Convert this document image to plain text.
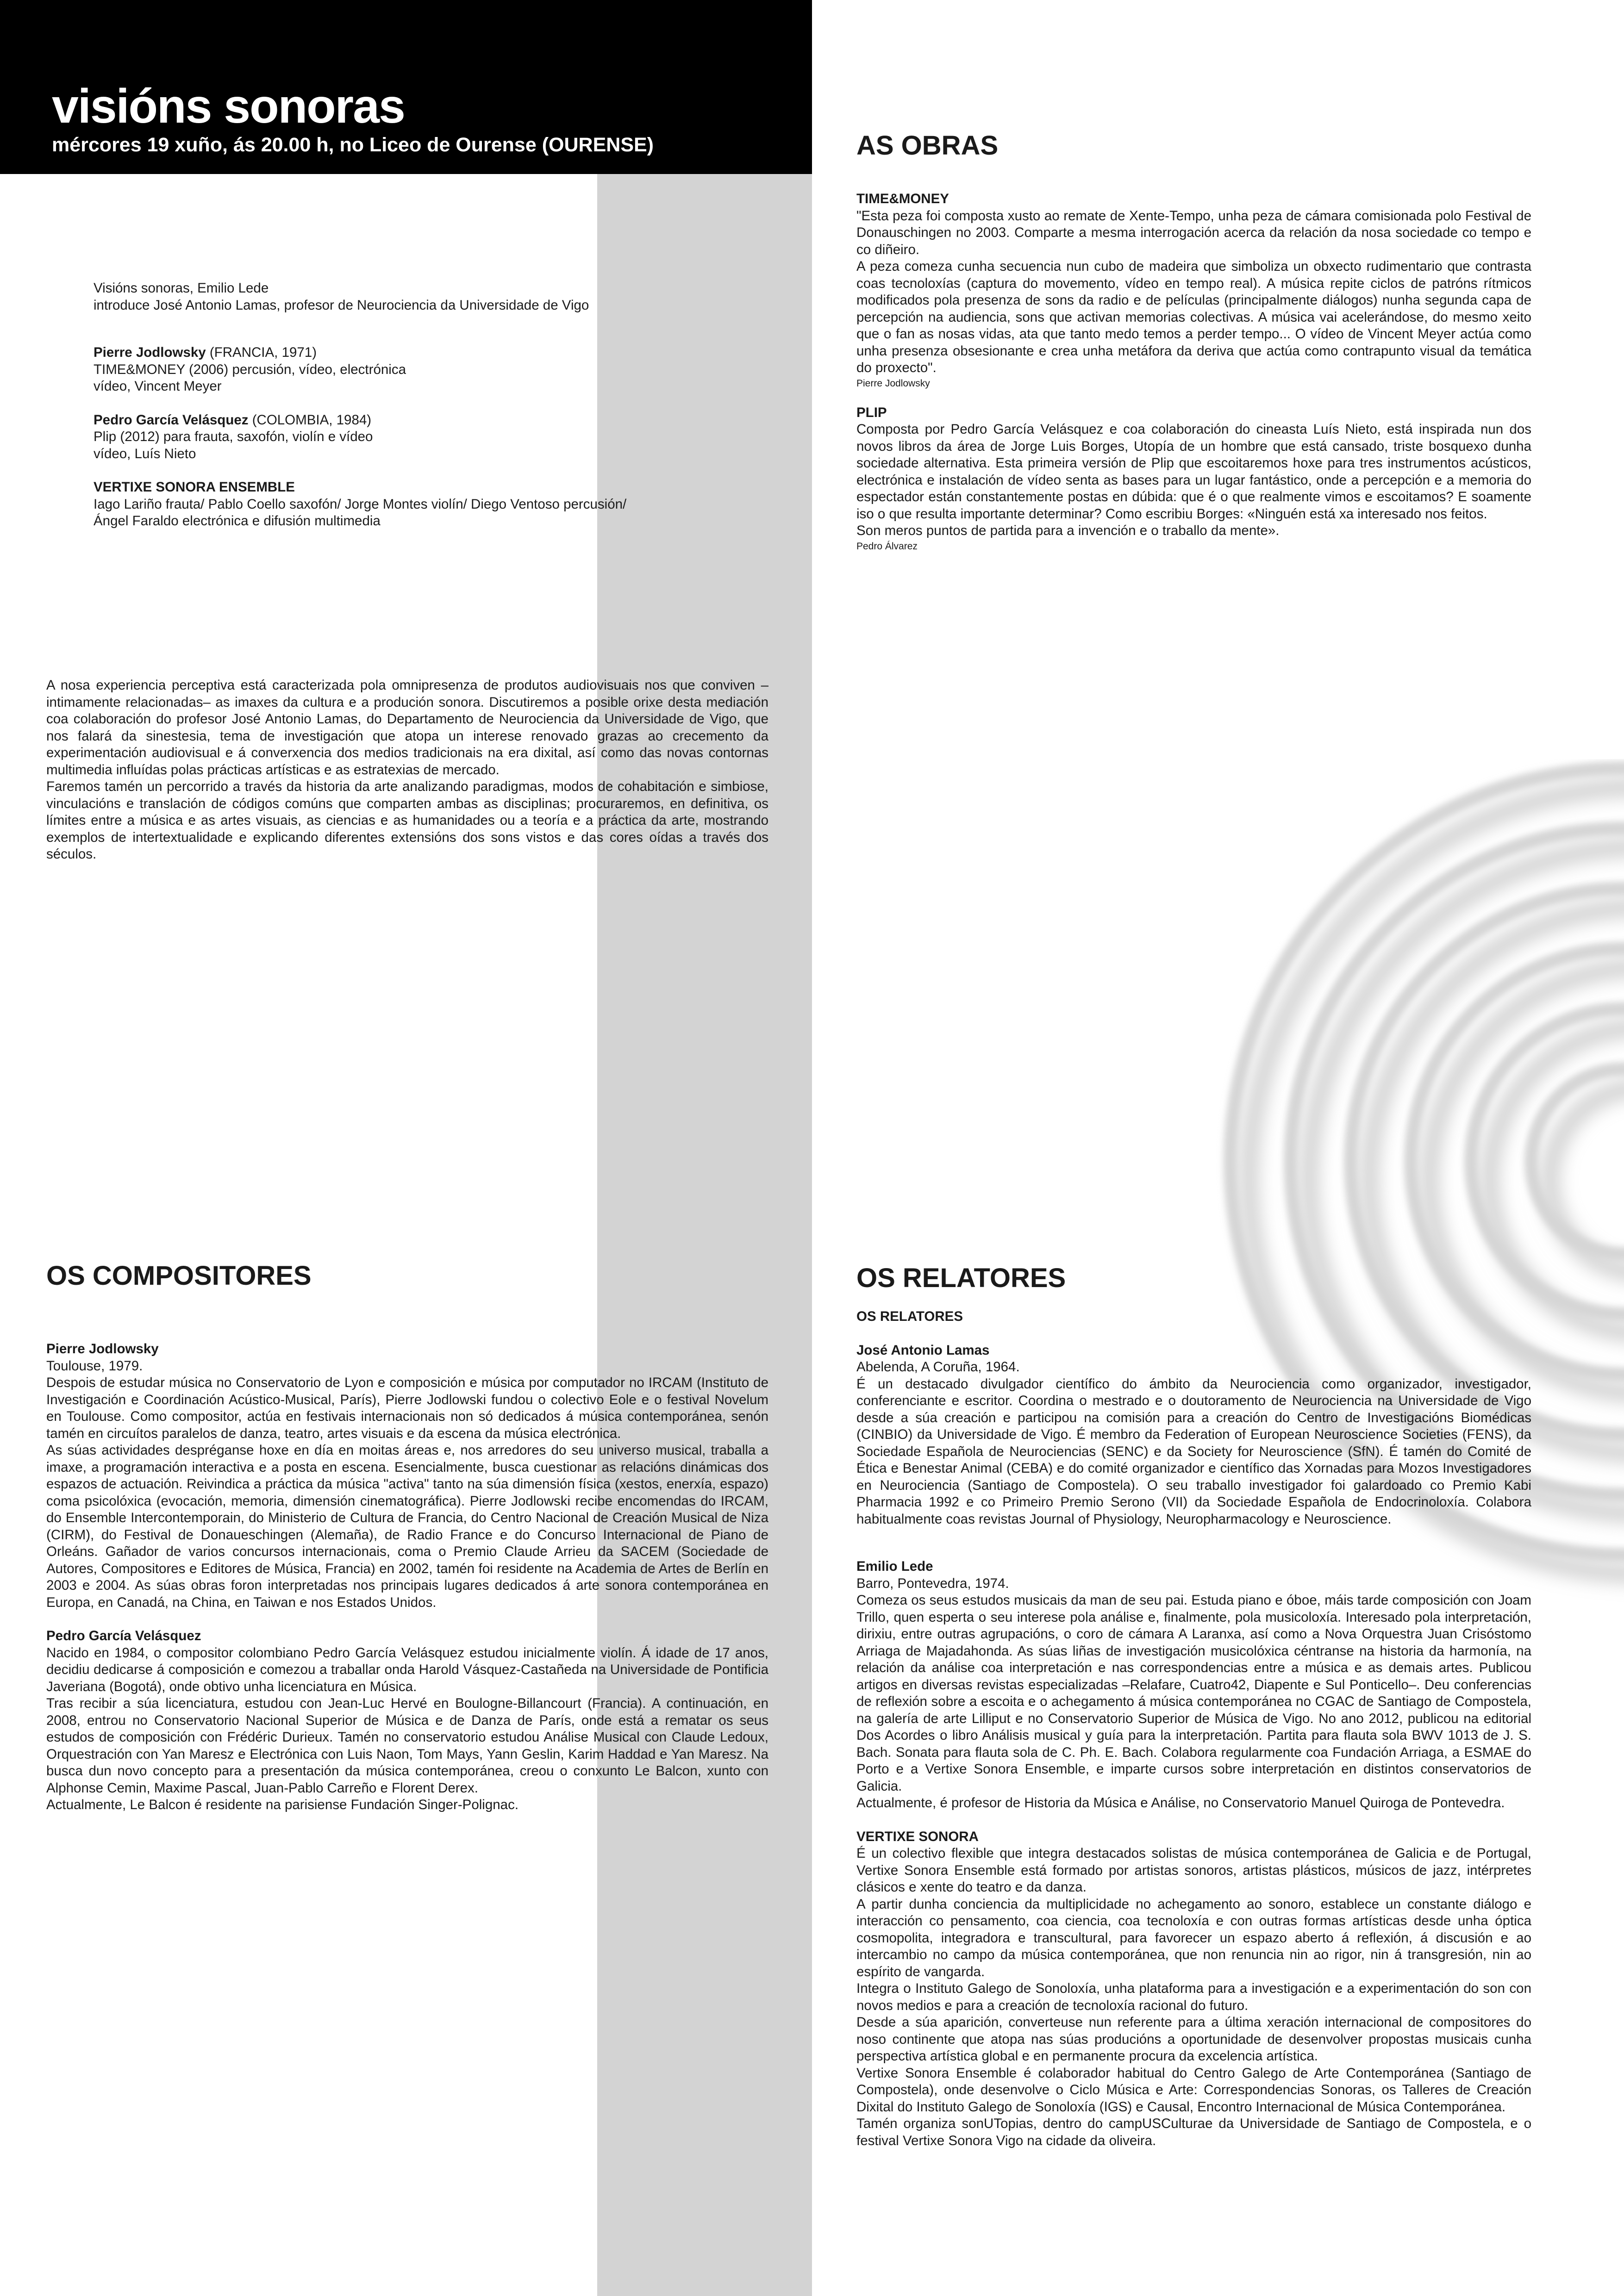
visións sonoras
mércores 19 xuño, ás 20.00 h, no Liceo de Ourense (OURENSE)

Visións sonoras, Emilio Lede

introduce José Antonio Lamas, profesor de Neurociencia da Universidade de Vigo

Pierre Jodlowsky (FRANCIA, 1971)

TIME&MONEY (2006) percusión, vídeo, electrónica

vídeo, Vincent Meyer

Pedro García Velásquez (COLOMBIA, 1984)

Plip (2012) para frauta, saxofón, violín e vídeo

vídeo, Luís Nieto

VERTIXE SONORA ENSEMBLE

Iago Lariño frauta/ Pablo Coello saxofón/ Jorge Montes violín/ Diego Ventoso percusión/

Ángel Faraldo electrónica e difusión multimedia

A nosa experiencia perceptiva está caracterizada pola omnipresenza de produtos audiovisuais nos que conviven –intimamente relacionadas– as imaxes da cultura e a produción sonora. Discutiremos a posible orixe desta mediación coa colaboración do profesor José Antonio Lamas, do Departamento de Neurociencia da Universidade de Vigo, que nos falará da sinestesia, tema de investigación que atopa un interese renovado grazas ao crecemento da experimentación audiovisual e á converxencia dos medios tradicionais na era dixital, así como das novas contornas multimedia influídas polas prácticas artísticas e as estratexias de mercado.

Faremos tamén un percorrido a través da historia da arte analizando paradigmas, modos de cohabitación e simbiose, vinculacións e translación de códigos comúns que comparten ambas as disciplinas; procuraremos, en definitiva, os límites entre a música e as artes visuais, as ciencias e as humanidades ou a teoría e a práctica da arte, mostrando exemplos de intertextualidade e explicando diferentes extensións dos sons vistos e das cores oídas a través dos séculos.

AS OBRAS

TIME&MONEY

"Esta peza foi composta xusto ao remate de Xente-Tempo, unha peza de cámara comisionada polo Festival de Donauschingen no 2003. Comparte a mesma interrogación acerca da relación da nosa sociedade co tempo e co diñeiro.

A peza comeza cunha secuencia nun cubo de madeira que simboliza un obxecto rudimentario que contrasta coas tecnoloxías (captura do movemento, vídeo en tempo real). A música repite ciclos de patróns rítmicos modificados pola presenza de sons da radio e de películas (principalmente diálogos) nunha segunda capa de percepción na audiencia, sons que activan memorias colectivas. A música vai acelerándose, do mesmo xeito que o fan as nosas vidas, ata que tanto medo temos a perder tempo... O vídeo de Vincent Meyer actúa como unha presenza obsesionante e crea unha metáfora da deriva que actúa como contrapunto visual da temática do proxecto".

Pierre Jodlowsky

PLIP

Composta por Pedro García Velásquez e coa colaboración do cineasta Luís Nieto, está inspirada nun dos novos libros da área de Jorge Luis Borges, Utopía de un hombre que está cansado, triste bosquexo dunha sociedade alternativa. Esta primeira versión de Plip que escoitaremos hoxe para tres instrumentos acústicos, electrónica e instalación de vídeo senta as bases para un lugar fantástico, onde a percepción e a memoria do espectador están constantemente postas en dúbida: que é o que realmente vimos e escoitamos? E soamente iso o que resulta importante determinar? Como escribiu Borges: «Ninguén está xa interesado nos feitos.

Son meros puntos de partida para a invención e o traballo da mente».

Pedro Álvarez

OS COMPOSITORES

Pierre Jodlowsky

Toulouse, 1979.

Despois de estudar música no Conservatorio de Lyon e composición e música por computador no IRCAM (Instituto de Investigación e Coordinación Acústico-Musical, París), Pierre Jodlowski fundou o colectivo Eole e o festival Novelum en Toulouse. Como compositor, actúa en festivais internacionais non só dedicados á música contemporánea, senón tamén en circuítos paralelos de danza, teatro, artes visuais e da escena da música electrónica.

As súas actividades despréganse hoxe en día en moitas áreas e, nos arredores do seu universo musical, traballa a imaxe, a programación interactiva e a posta en escena. Esencialmente, busca cuestionar as relacións dinámicas dos espazos de actuación. Reivindica a práctica da música "activa" tanto na súa dimensión física (xestos, enerxía, espazo) coma psicolóxica (evocación, memoria, dimensión cinematográfica). Pierre Jodlowski recibe encomendas do IRCAM, do Ensemble Intercontemporain, do Ministerio de Cultura de Francia, do Centro Nacional de Creación Musical de Niza (CIRM), do Festival de Donaueschingen (Alemaña), de Radio France e do Concurso Internacional de Piano de Orleáns. Gañador de varios concursos internacionais, coma o Premio Claude Arrieu da SACEM (Sociedade de Autores, Compositores e Editores de Música, Francia) en 2002, tamén foi residente na Academia de Artes de Berlín en 2003 e 2004. As súas obras foron interpretadas nos principais lugares dedicados á arte sonora contemporánea en Europa, en Canadá, na China, en Taiwan e nos Estados Unidos.

Pedro García Velásquez

Nacido en 1984, o compositor colombiano Pedro García Velásquez estudou inicialmente violín. Á idade de 17 anos, decidiu dedicarse á composición e comezou a traballar onda Harold Vásquez-Castañeda na Universidade de Pontificia Javeriana (Bogotá), onde obtivo unha licenciatura en Música.

Tras recibir a súa licenciatura, estudou con Jean-Luc Hervé en Boulogne-Billancourt (Francia). A continuación, en 2008, entrou no Conservatorio Nacional Superior de Música e de Danza de París, onde está a rematar os seus estudos de composición con Frédéric Durieux. Tamén no conservatorio estudou Análise Musical con Claude Ledoux, Orquestración con Yan Maresz e Electrónica con Luis Naon, Tom Mays, Yann Geslin, Karim Haddad e Yan Maresz. Na busca dun novo concepto para a presentación da música contemporánea, creou o conxunto Le Balcon, xunto con Alphonse Cemin, Maxime Pascal, Juan-Pablo Carreño e Florent Derex.

Actualmente, Le Balcon é residente na parisiense Fundación Singer-Polignac.

OS RELATORES

OS RELATORES

José Antonio Lamas

Abelenda, A Coruña, 1964.

É un destacado divulgador científico do ámbito da Neurociencia como organizador, investigador, conferenciante e escritor. Coordina o mestrado e o doutoramento de Neurociencia na Universidade de Vigo desde a súa creación e participou na comisión para a creación do Centro de Investigacións Biomédicas (CINBIO) da Universidade de Vigo. É membro da Federation of European Neuroscience Societies (FENS), da Sociedade Española de Neurociencias (SENC) e da Society for Neuroscience (SfN). É tamén do Comité de Ética e Benestar Animal (CEBA) e do comité organizador e científico das Xornadas para Mozos Investigadores en Neurociencia (Santiago de Compostela). O seu traballo investigador foi galardoado co Premio Kabi Pharmacia 1992 e co Primeiro Premio Serono (VII) da Sociedade Española de Endocrinoloxía. Colabora habitualmente coas revistas Journal of Physiology, Neuropharmacology e Neuroscience.

Emilio Lede

Barro, Pontevedra, 1974.

Comeza os seus estudos musicais da man de seu pai. Estuda piano e óboe, máis tarde composición con Joam Trillo, quen esperta o seu interese pola análise e, finalmente, pola musicoloxía. Interesado pola interpretación, dirixiu, entre outras agrupacións, o coro de cámara A Laranxa, así como a Nova Orquestra Juan Crisóstomo Arriaga de Majadahonda. As súas liñas de investigación musicolóxica céntranse na historia da harmonía, na relación da análise coa interpretación e nas correspondencias entre a música e as demais artes. Publicou artigos en diversas revistas especializadas –Relafare, Cuatro42, Diapente e Sul Ponticello–. Deu conferencias de reflexión sobre a escoita e o achegamento á música contemporánea no CGAC de Santiago de Compostela, na galería de arte Lilliput e no Conservatorio Superior de Música de Vigo. No ano 2012, publicou na editorial Dos Acordes o libro Análisis musical y guía para la interpretación. Partita para flauta sola BWV 1013 de J. S. Bach. Sonata para flauta sola de C. Ph. E. Bach. Colabora regularmente coa Fundación Arriaga, a ESMAE do Porto e a Vertixe Sonora Ensemble, e imparte cursos sobre interpretación en distintos conservatorios de Galicia.

Actualmente, é profesor de Historia da Música e Análise, no Conservatorio Manuel Quiroga de Pontevedra.

VERTIXE SONORA

É un colectivo flexible que integra destacados solistas de música contemporánea de Galicia e de Portugal, Vertixe Sonora Ensemble está formado por artistas sonoros, artistas plásticos, músicos de jazz, intérpretes clásicos e xente do teatro e da danza.

A partir dunha conciencia da multiplicidade no achegamento ao sonoro, establece un constante diálogo e interacción co pensamento, coa ciencia, coa tecnoloxía e con outras formas artísticas desde unha óptica cosmopolita, integradora e transcultural, para favorecer un espazo aberto á reflexión, á discusión e ao intercambio no campo da música contemporánea, que non renuncia nin ao rigor, nin á transgresión, nin ao espírito de vangarda.

Integra o Instituto Galego de Sonoloxía, unha plataforma para a investigación e a experimentación do son con novos medios e para a creación de tecnoloxía racional do futuro.

Desde a súa aparición, converteuse nun referente para a última xeración internacional de compositores do noso continente que atopa nas súas producións a oportunidade de desenvolver propostas musicais cunha perspectiva artística global e en permanente procura da excelencia artística.

Vertixe Sonora Ensemble é colaborador habitual do Centro Galego de Arte Contemporánea (Santiago de Compostela), onde desenvolve o Ciclo Música e Arte: Correspondencias Sonoras, os Talleres de Creación Dixital do Instituto Galego de Sonoloxía (IGS) e Causal, Encontro Internacional de Música Contemporánea.

Tamén organiza sonUTopias, dentro do campUSCulturae da Universidade de Santiago de Compostela, e o festival Vertixe Sonora Vigo na cidade da oliveira.
